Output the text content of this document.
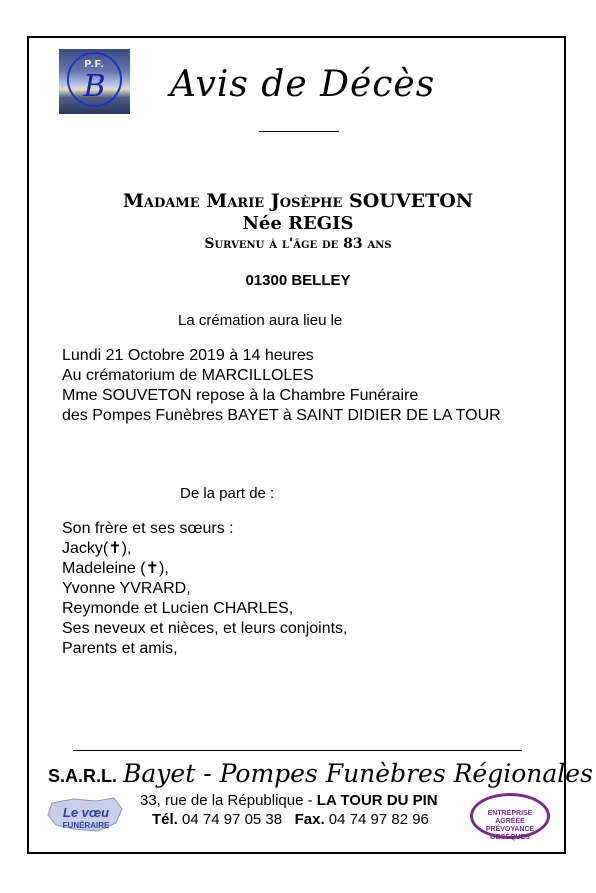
P.F.
B	Avis de Décès
Madame Marie Josèphe SOUVETON
Née REGIS
Survenu à l'âge de 83 ans
01300 BELLEY
La crémation aura lieu le
Lundi 21 Octobre 2019 à 14 heures
Au crématorium de MARCILLOLES
Mme SOUVETON repose à la Chambre Funéraire
des Pompes Funèbres BAYET à SAINT DIDIER DE LA TOUR
De la part de :
Son frère et ses sœurs :
Jacky(✝),
Madeleine (✝),
Yvonne YVRARD,
Reymonde et Lucien CHARLES,
Ses neveux et nièces, et leurs conjoints,
Parents et amis,
S.A.R.L. Bayet - Pompes Funèbres Régionales
Le vœu
FUNÉRAIRE
33, rue de la République - LA TOUR DU PIN
Tél. 04 74 97 05 38 Fax. 04 74 97 82 96	ENTREPRISE AGRÉÉE
PRÉVOYANCE OBSÈQUES
